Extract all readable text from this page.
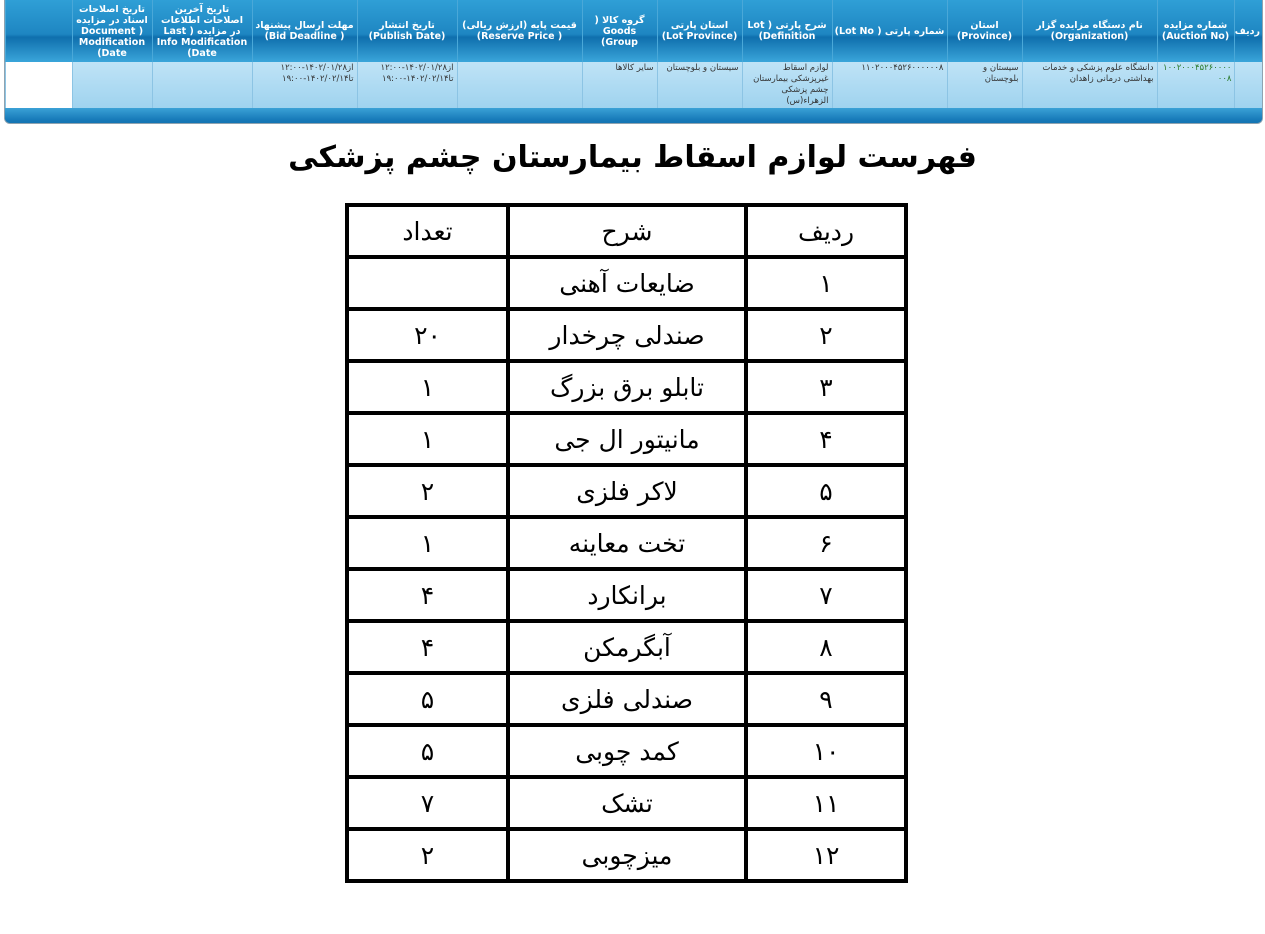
ردیف	شماره مزایده (Auction No)	نام دستگاه مزایده گزار (Organization)	استان (Province)	شماره پارتی ( Lot No)	شرح پارتی ( Lot Definition)	استان پارتی (Lot Province)	گروه کالا ( Goods Group)	قیمت پایه (ارزش ریالی) ( Reserve Price)	تاریخ انتشار (Publish Date)	مهلت ارسال پیشنهاد ( Bid Deadline)	تاریخ آخرین اصلاحات اطلاعات در مزایده ( Last Info Modification Date)	تاریخ اصلاحات اسناد در مزایده ( Document Modification Date)	
	۱۰۰۲۰۰۰۴۵۲۶۰۰۰۰۰۰۸	دانشگاه علوم پزشکی و خدمات بهداشتی درمانی زاهدان	سیستان و بلوچستان	۱۱۰۲۰۰۰۴۵۲۶۰۰۰۰۰۰۸	لوازم اسقاط غیرپزشکی بیمارستان چشم پزشکی الزهراء(س)	سیستان و بلوچستان	سایر کالاها		از۱۴۰۲/۰۱/۲۸-۱۲:۰۰ تا۱۴۰۲/۰۲/۱۴-۱۹:۰۰	از۱۴۰۲/۰۱/۲۸-۱۲:۰۰ تا۱۴۰۲/۰۲/۱۴-۱۹:۰۰			
فهرست لوازم اسقاط بیمارستان چشم پزشکی
ردیف	شرح	تعداد
۱	ضایعات آهنی	
۲	صندلی چرخدار	۲۰
۳	تابلو برق بزرگ	۱
۴	مانیتور ال جی	۱
۵	لاکر فلزی	۲
۶	تخت معاینه	۱
۷	برانکارد	۴
۸	آبگرمکن	۴
۹	صندلی فلزی	۵
۱۰	کمد چوبی	۵
۱۱	تشک	۷
۱۲	میزچوبی	۲
